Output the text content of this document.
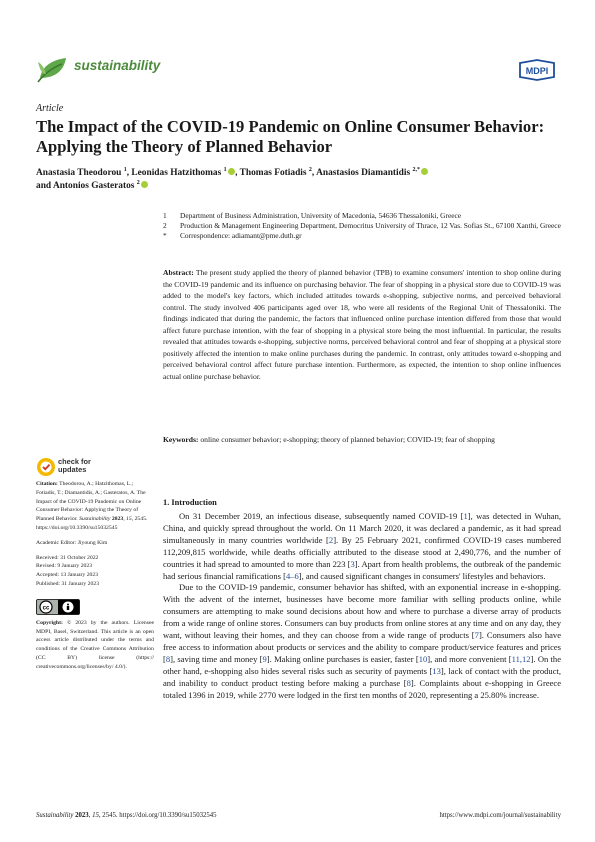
sustainability	MDPI
Article
The Impact of the COVID-19 Pandemic on Online Consumer Behavior: Applying the Theory of Planned Behavior
Anastasia Theodorou $^1$, Leonidas Hatzithomas $^1$ , Thomas Fotiadis $^2$, Anastasios Diamantidis $^{2,*}$
and Antonios Gasteratos $^2$
1	Department of Business Administration, University of Macedonia, 54636 Thessaloniki, Greece
2	Production & Management Engineering Department, Democritus University of Thrace, 12 Vas. Sofias St., 67100 Xanthi, Greece
*	Correspondence: adiamant@pme.duth.gr
Abstract: The present study applied the theory of planned behavior (TPB) to examine consumers' intention to shop online during the COVID-19 pandemic and its influence on purchasing behavior. The fear of shopping in a physical store due to COVID-19 was added to the model's key factors, which included attitudes towards e-shopping, subjective norms, and perceived behavioral control. The study involved 406 participants aged over 18, who were all residents of the Regional Unit of Thessaloniki. The findings indicated that during the pandemic, the factors that influenced online purchase intention differed from those that would affect future purchase intention, with the fear of shopping in a physical store being the most influential. In particular, the results revealed that attitudes towards e-shopping, subjective norms, perceived behavioral control and fear of shopping at a physical store positively affected the intention to make online purchases during the pandemic. In contrast, only attitudes toward e-shopping and perceived behavioral control affect future purchase intention. Furthermore, as expected, the intention to shop online influences actual online purchase behavior.
Keywords: online consumer behavior; e-shopping; theory of planned behavior; COVID-19; fear of shopping
check for
updates

Citation: Theodorou, A.; Hatzithomas, L.; Fotiadis, T.; Diamantidis, A.; Gasteratos, A. The Impact of the COVID-19 Pandemic on Online Consumer Behavior: Applying the Theory of Planned Behavior. Sustainability 2023, 15, 2545. https://doi.org/10.3390/su15032545

Academic Editor: Jiyoung Kim

Received: 31 October 2022

Revised: 9 January 2023

Accepted: 13 January 2023

Published: 31 January 2023

cc

Copyright: © 2023 by the authors. Licensee MDPI, Basel, Switzerland. This article is an open access article distributed under the terms and conditions of the Creative Commons Attribution (CC BY) license (https:// creativecommons.org/licenses/by/ 4.0/).

1. Introduction

On 31 December 2019, an infectious disease, subsequently named COVID-19 [1], was detected in Wuhan, China, and quickly spread throughout the world. On 11 March 2020, it was declared a pandemic, as it had spread simultaneously in many countries worldwide [2]. By 25 February 2021, confirmed COVID-19 cases numbered 112,209,815 worldwide, while deaths officially attributed to the disease stood at 2,490,776, and the number of countries it had spread to amounted to more than 223 [3]. Apart from health problems, the outbreak of the pandemic had serious financial ramifications [4–6], and caused significant changes in consumers' lifestyles and behaviors.

Due to the COVID-19 pandemic, consumer behavior has shifted, with an exponential increase in e-shopping. With the advent of the internet, businesses have become more familiar with selling products online, while consumers are attempting to make sound decisions about how and where to purchase a diverse array of products from a wide range of online stores. Consumers can buy products from online stores at any time and on any day, they want, without leaving their homes, and they can choose from a wide range of products [7]. Consumers also have free access to information about products or services and the ability to compare product/service features and prices [8], saving time and money [9]. Making online purchases is easier, faster [10], and more convenient [11,12]. On the other hand, e-shopping also hides several risks such as security of payments [13], lack of contact with the product, and inability to conduct product testing before making a purchase [8]. Complaints about e-shopping in Greece totaled 1396 in 2019, while 2770 were lodged in the first ten months of 2020, representing a 25.80% increase.

Sustainability 2023, 15, 2545. https://doi.org/10.3390/su15032545	https://www.mdpi.com/journal/sustainability
